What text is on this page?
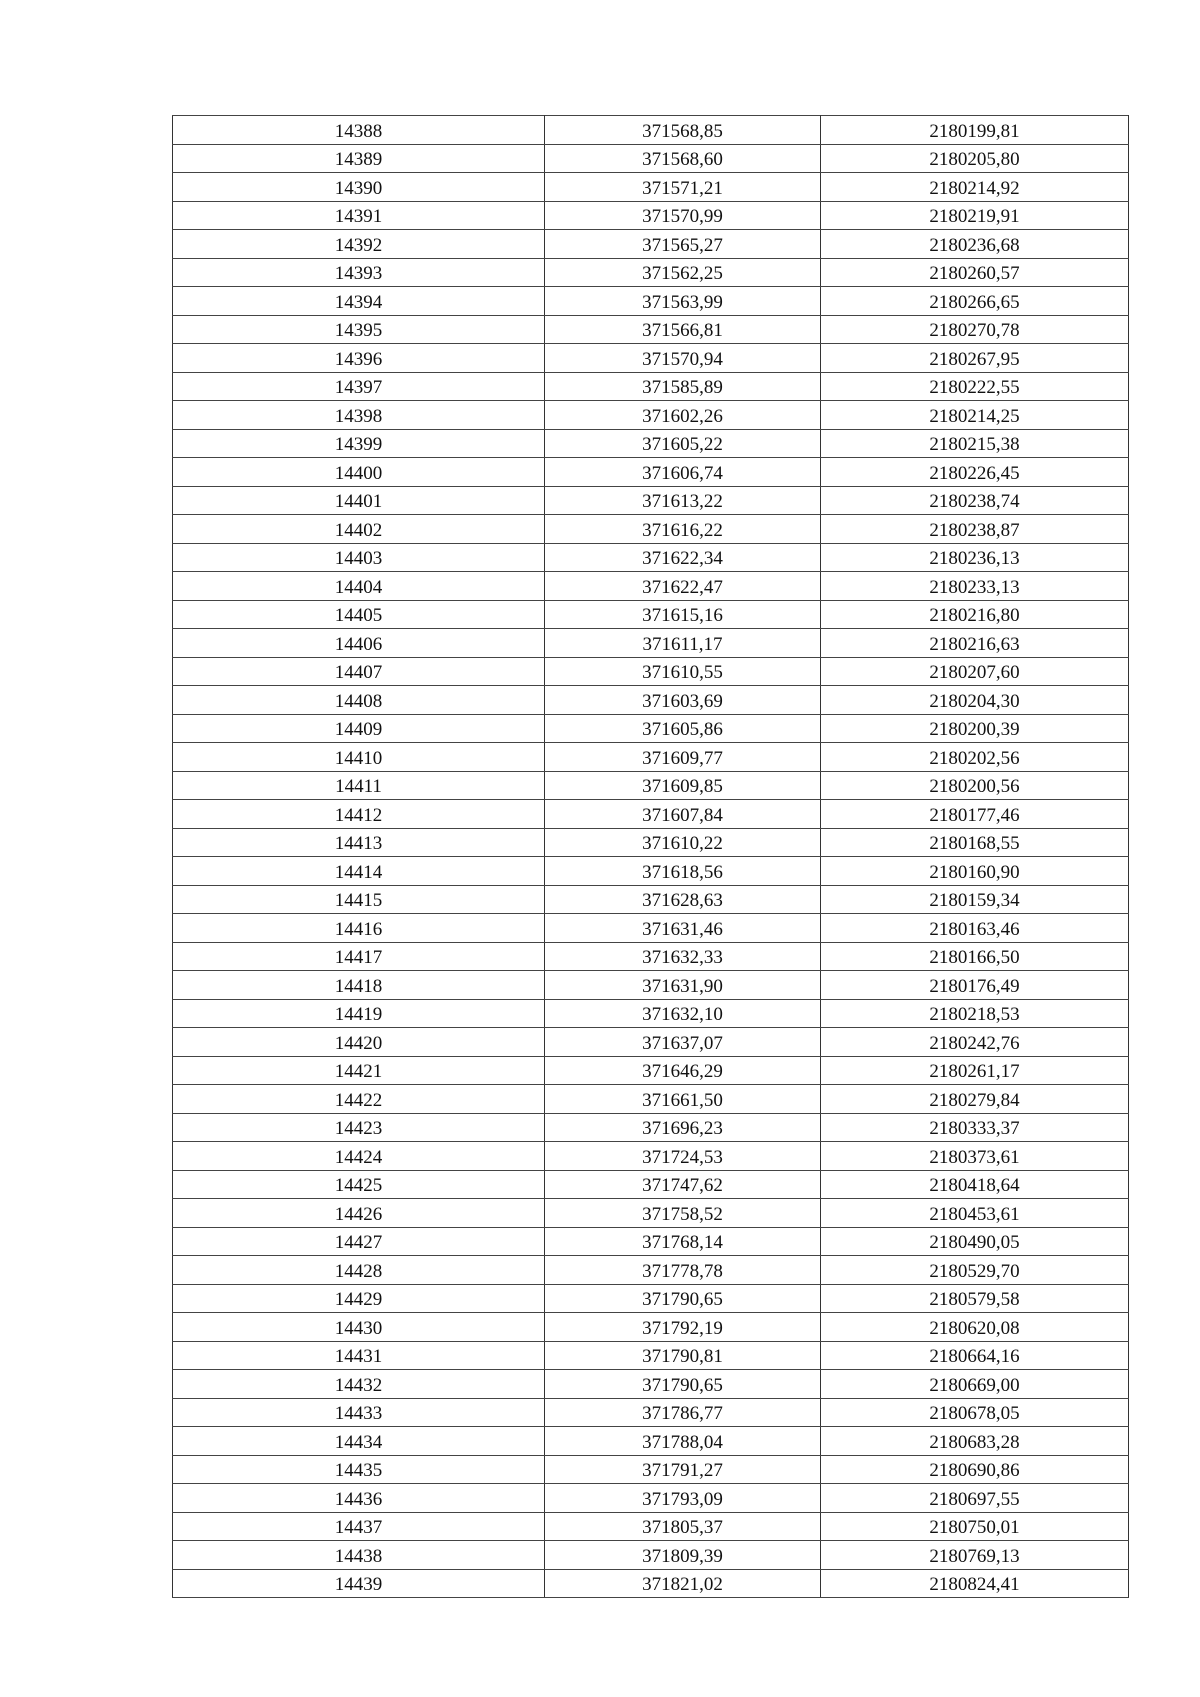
14388	371568,85	2180199,81
14389	371568,60	2180205,80
14390	371571,21	2180214,92
14391	371570,99	2180219,91
14392	371565,27	2180236,68
14393	371562,25	2180260,57
14394	371563,99	2180266,65
14395	371566,81	2180270,78
14396	371570,94	2180267,95
14397	371585,89	2180222,55
14398	371602,26	2180214,25
14399	371605,22	2180215,38
14400	371606,74	2180226,45
14401	371613,22	2180238,74
14402	371616,22	2180238,87
14403	371622,34	2180236,13
14404	371622,47	2180233,13
14405	371615,16	2180216,80
14406	371611,17	2180216,63
14407	371610,55	2180207,60
14408	371603,69	2180204,30
14409	371605,86	2180200,39
14410	371609,77	2180202,56
14411	371609,85	2180200,56
14412	371607,84	2180177,46
14413	371610,22	2180168,55
14414	371618,56	2180160,90
14415	371628,63	2180159,34
14416	371631,46	2180163,46
14417	371632,33	2180166,50
14418	371631,90	2180176,49
14419	371632,10	2180218,53
14420	371637,07	2180242,76
14421	371646,29	2180261,17
14422	371661,50	2180279,84
14423	371696,23	2180333,37
14424	371724,53	2180373,61
14425	371747,62	2180418,64
14426	371758,52	2180453,61
14427	371768,14	2180490,05
14428	371778,78	2180529,70
14429	371790,65	2180579,58
14430	371792,19	2180620,08
14431	371790,81	2180664,16
14432	371790,65	2180669,00
14433	371786,77	2180678,05
14434	371788,04	2180683,28
14435	371791,27	2180690,86
14436	371793,09	2180697,55
14437	371805,37	2180750,01
14438	371809,39	2180769,13
14439	371821,02	2180824,41
